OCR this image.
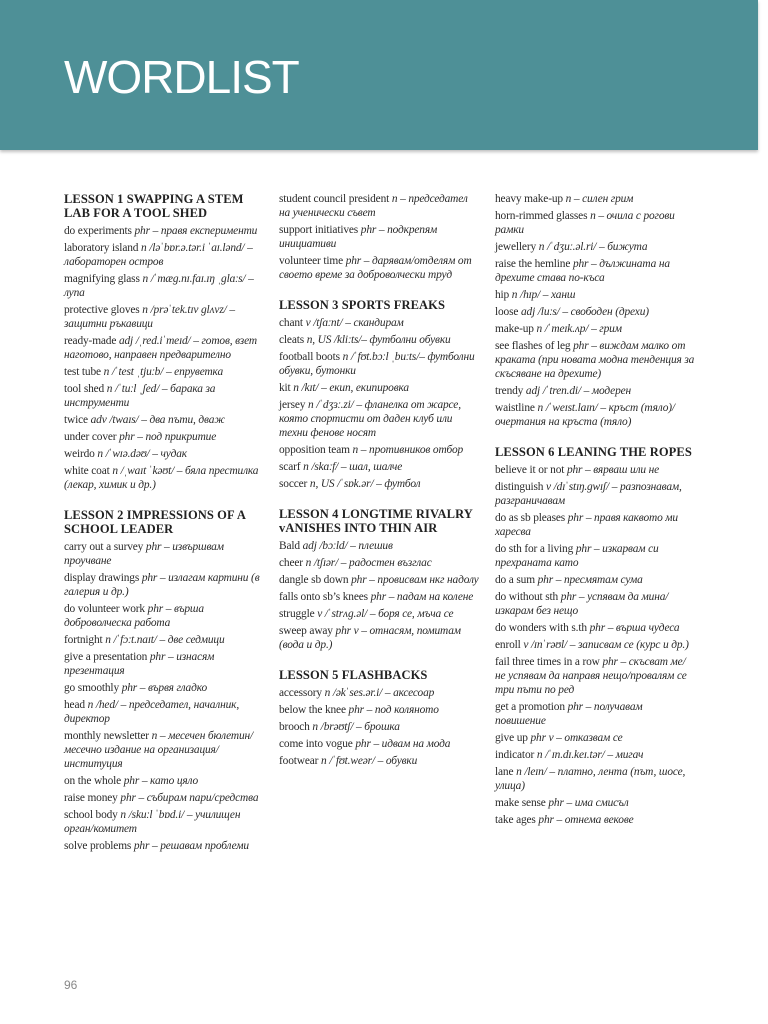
WORDLIST
LESSON 1 SWAPPING A STEM LAB FOR A TOOL SHED
do experiments phr – правя експерименти
laboratory island n /ləˈbɒr.ə.tər.i ˈaɪ.lənd/ – лабораторен остров
magnifying glass n /ˈmæg.nɪ.faɪ.ɪŋ ˌglɑːs/ – лупа
protective gloves n /prəˈtek.tɪv glʌvz/ – защитни ръкавици
ready-made adj /ˌred.iˈmeɪd/ – готов, взет наготово, направен предварително
test tube n /ˈtest ˌtjuːb/ – епруветка
tool shed n /ˈtuːl ˌʃed/ – барака за инструменти
twice adv /twaɪs/ – два пъти, двaж
under cover phr – под прикритие
weirdo n /ˈwɪə.dəʊ/ – чудак
white coat n /ˌwaɪt ˈkəʊt/ – бяла престилка (лекар, химик и др.)
LESSON 2 IMPRESSIONS OF A SCHOOL LEADER
carry out a survey phr – извършвам проучване
display drawings phr – излагам картини (в галерия и др.)
do volunteer work phr – върша доброволческа работа
fortnight n /ˈfɔːt.naɪt/ – две седмици
give a presentation phr – изнасям презентация
go smoothly phr – вървя гладко
head n /hed/ – председател, началник, директор
monthly newsletter n – месечен бюлетин/месечно издание на организация/институция
on the whole phr – като цяло
raise money phr – събирам пари/средства
school body n /skuːl ˈbɒd.i/ – училищен орган/комитет
solve problems phr – решавам проблеми
student council president n – председател на ученически съвет
support initiatives phr – подкрепям инициативи
volunteer time phr – дарявам/отделям от своето време за доброволчески труд
LESSON 3 SPORTS FREAKS
chant v /tʃɑːnt/ – скандирам
cleats n, US /kliːts/– футболни обувки
football boots n /ˈfʊt.bɔːl ˌbuːts/– футболни обувки, бутонки
kit n /kɪt/ – екип, екипировка
jersey n /ˈdʒɜː.zi/ – фланелка от жарсе, която спортисти от даден клуб или техни фенове носят
opposition team n – противников отбор
scarf n /skɑːf/ – шал, шалче
soccer n, US /ˈsɒk.ər/ – футбол
LESSON 4 LONGTIME RIVALRY vANISHES INTO THIN AIR
Bald adj /bɔːld/ – плешив
cheer n /tʃɪər/ – радостен възглас
dangle sb down phr – провисвам нкг надолу
falls onto sb’s knees phr – падам на колене
struggle v /ˈstrʌg.əl/ – боря се, мъча се
sweep away phr v – отнасям, помитам (вода и др.)
LESSON 5 FLASHBACKS
accessory n /əkˈses.ər.i/ – аксесоар
below the knee phr – под коляното
brooch n /brəʊtʃ/ – брошка
come into vogue phr – идвам на мода
footwear n /ˈfʊt.weər/ – обувки
heavy make-up n – силен грим
horn-rimmed glasses n – очила с рогови рамки
jewellery n /ˈdʒuː.əl.ri/ – бижута
raise the hemline phr – дължината на дрехите става по-къса
hip n /hɪp/ – ханш
loose adj /luːs/ – свободен (дрехи)
make-up n /ˈmeɪk.ʌp/ – грим
see flashes of leg phr – виждам малко от краката (при новата модна тенденция за скъсяване на дрехите)
trendy adj /ˈtren.di/ – модерен
waistline n /ˈweɪst.laɪn/ – кръст (тяло)/очертания на кръста (тяло)
LESSON 6 LEANING THE ROPES
believe it or not phr – вярваш или не
distinguish v /dɪˈstɪŋ.gwɪʃ/ – разпознавам, разграничавам
do as sb pleases phr – правя каквото ми харесва
do sth for a living phr – изкарвам си прехраната като
do a sum phr – пресмятам сума
do without sth phr – успявам да мина/изкарам без нещо
do wonders with s.th phr – върша чудеса
enroll v /ɪnˈrəʊl/ – записвам се (курс и др.)
fail three times in a row phr – скъсват ме/не успявам да направя нещо/провалям се три пъти по ред
get a promotion phr – получавам повишение
give up phr v – отказвам се
indicator n /ˈɪn.dɪ.keɪ.tər/ – мигач
lane n /leɪn/ – платно, лента (път, шосе, улица)
make sense phr – има смисъл
take ages phr – отнема векове
96
